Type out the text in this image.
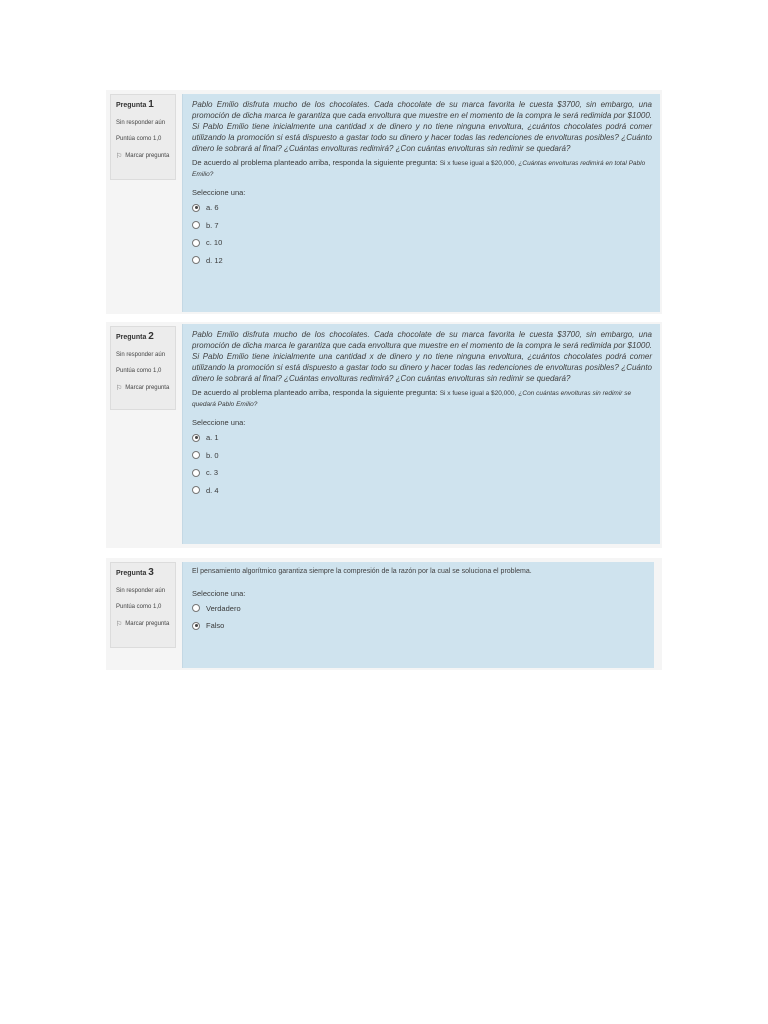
Pregunta 1
Sin responder aún
Puntúa como 1,0
⚐ Marcar pregunta

Pablo Emilio disfruta mucho de los chocolates. Cada chocolate de su marca favorita le cuesta $3700, sin embargo, una promoción de dicha marca le garantiza que cada envoltura que muestre en el momento de la compra le será redimida por $1000. Si Pablo Emilio tiene inicialmente una cantidad x de dinero y no tiene ninguna envoltura, ¿cuántos chocolates podrá comer utilizando la promoción si está dispuesto a gastar todo su dinero y hacer todas las redenciones de envolturas posibles? ¿Cuánto dinero le sobrará al final? ¿Cuántas envolturas redimirá? ¿Con cuántas envolturas sin redimir se quedará?

De acuerdo al problema planteado arriba, responda la siguiente pregunta: Si x fuese igual a $20,000, ¿Cuántas envolturas redimirá en total Pablo Emilio?

Seleccione una:
a. 6
b. 7
c. 10
d. 12
Pregunta 2
Sin responder aún
Puntúa como 1,0
⚐ Marcar pregunta

Pablo Emilio disfruta mucho de los chocolates. Cada chocolate de su marca favorita le cuesta $3700, sin embargo, una promoción de dicha marca le garantiza que cada envoltura que muestre en el momento de la compra le será redimida por $1000. Si Pablo Emilio tiene inicialmente una cantidad x de dinero y no tiene ninguna envoltura, ¿cuántos chocolates podrá comer utilizando la promoción si está dispuesto a gastar todo su dinero y hacer todas las redenciones de envolturas posibles? ¿Cuánto dinero le sobrará al final? ¿Cuántas envolturas redimirá? ¿Con cuántas envolturas sin redimir se quedará?

De acuerdo al problema planteado arriba, responda la siguiente pregunta: Si x fuese igual a $20,000, ¿Con cuántas envolturas sin redimir se quedará Pablo Emilio?

Seleccione una:
a. 1
b. 0
c. 3
d. 4
Pregunta 3
Sin responder aún
Puntúa como 1,0
⚐ Marcar pregunta

El pensamiento algorítmico garantiza siempre la compresión de la razón por la cual se soluciona el problema.

Seleccione una:
Verdadero
Falso
